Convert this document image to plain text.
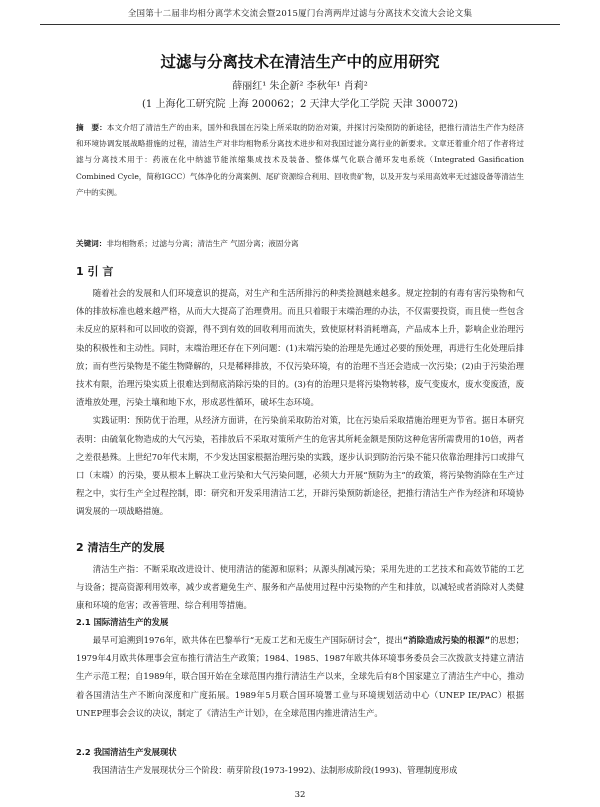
全国第十二届非均相分离学术交流会暨2015厦门台湾两岸过滤与分离技术交流大会论文集
过滤与分离技术在清洁生产中的应用研究
薛丽红¹ 朱企新² 李秋年¹ 肖莉²
(1 上海化工研究院 上海 200062；2 天津大学化工学院 天津 300072)
摘　要：本文介绍了清洁生产的由来，国外和我国在污染上所采取的防治对策，并探讨污染预防的新途径，把推行清洁生产作为经济和环境协调发展战略措施的过程，清洁生产对非均相物系分离技术进步和对我国过滤分离行业的新要求。文章还着重介绍了作者将过滤与分离技术用于：药液在化中纳滤节能浓缩集成技术及装备、整体煤气化联合循环发电系统（Integrated Gasification Combined Cycle，简称IGCC）气体净化的分离案例、尾矿资源综合利用、回收贵矿物，以及开发与采用高效率无过滤设备等清洁生产中的实例。
关键词：非均相物系；过滤与分离；清洁生产 气固分离；液固分离
1 引 言

随着社会的发展和人们环境意识的提高，对生产和生活所排污的种类捡测越来越多。规定控制的有毒有害污染物和气体的排放标准也越来越严格，从而大大提高了治理费用。而且只着眼于末端治理的办法，不仅需要投资，而且使一些包含未反应的原料和可以回收的资源，得不到有效的回收利用而流失，致使原材料消耗增高，产品成本上升，影响企业治理污染的积极性和主动性。同时，末端治理还存在下列问题：(1)末端污染的治理是先通过必要的预处理，再进行生化处理后排放；而有些污染物是不能生物降解的，只是稀释排放，不仅污染环境，有的治理不当还会造成一次污染；(2)由于污染治理技术有限，治理污染实质上很难达到彻底消除污染的目的。(3)有的治理只是将污染物转移，废气变废水，废水变废渣，废渣堆放处理，污染土壤和地下水，形成恶性循环，破坏生态环境。

实践证明：预防优于治理，从经济方面讲，在污染前采取防治对策，比在污染后采取措施治理更为节省。据日本研究表明：由硫氧化物造成的大气污染，若排放后不采取对策所产生的危害其所耗金额是预防这种危害所需费用的10倍，两者之差很悬殊。上世纪70年代末期，不少发达国家根据治理污染的实践，逐步认识到防治污染不能只依靠治理排污口或排气口（末端）的污染，要从根本上解决工业污染和大气污染问题，必须大力开展“预防为主”的政策，将污染物消除在生产过程之中，实行生产全过程控制，即：研究和开发采用清洁工艺，开辟污染预防新途径，把推行清洁生产作为经济和环境协调发展的一项战略措施。

2 清洁生产的发展

清洁生产指：不断采取改进设计、使用清洁的能源和原料；从源头削减污染；采用先进的工艺技术和高效节能的工艺与设备；提高资源利用效率，减少或者避免生产、服务和产品使用过程中污染物的产生和排放，以减轻或者消除对人类健康和环境的危害；改善管理、综合利用等措施。

2.1 国际清洁生产的发展

最早可追溯到1976年，欧共体在巴黎举行“无废工艺和无废生产国际研讨会”，提出“消除造成污染的根源”的思想；1979年4月欧共体理事会宣布推行清洁生产政策；1984、1985、1987年欧共体环境事务委员会三次拨款支持建立清洁生产示范工程；自1989年，联合国开始在全球范围内推行清洁生产以来，全球先后有8个国家建立了清洁生产中心，推动着各国清洁生产不断向深度和广度拓展。1989年5月联合国环境署工业与环境规划活动中心（UNEP IE/PAC）根据UNEP理事会会议的决议，制定了《清洁生产计划》，在全球范围内推进清洁生产。

2.2 我国清洁生产发展现状

我国清洁生产发展现状分三个阶段：萌芽阶段(1973-1992)、法制形成阶段(1993)、管理制度形成

32
